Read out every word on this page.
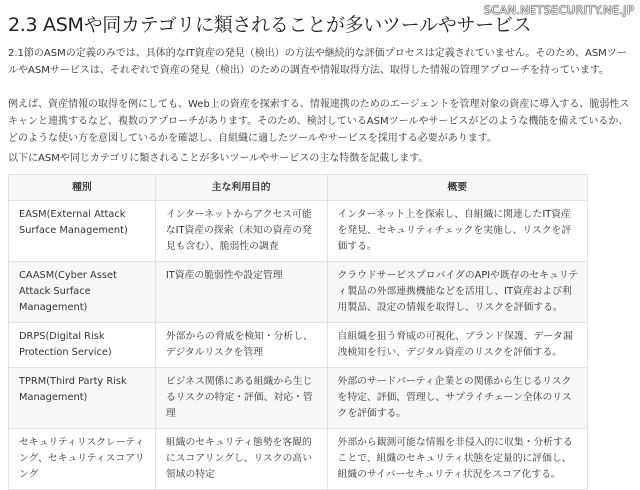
SCAN.NETSECURITY.NE.JP
2.3 ASMや同カテゴリに類されることが多いツールやサービス

2.1節のASMの定義のみでは、具体的なIT資産の発見（検出）の方法や継続的な評価プロセスは定義されていません。そのため、ASMツールやASMサービスは、それぞれで資産の発見（検出）のための調査や情報取得方法、取得した情報の管理アプローチを持っています。

例えば、資産情報の取得を例にしても、Web上の資産を探索する、情報連携のためのエージェントを管理対象の資産に導入する、脆弱性スキャンと連携するなど、複数のアプローチがあります。そのため、検討しているASMツールやサービスがどのような機能を備えているか、どのような使い方を意図しているかを確認し、自組織に適したツールやサービスを採用する必要があります。

以下にASMや同じカテゴリに類されることが多いツールやサービスの主な特徴を記載します。

種別	主な利用目的	概要
EASM(External Attack Surface Management)	インターネットからアクセス可能なIT資産の探索（未知の資産の発見も含む）、脆弱性の調査	インターネット上を探索し、自組織に関連したIT資産を発見、セキュリティチェックを実施し、リスクを評価する。
CAASM(Cyber Asset Attack Surface Management)	IT資産の脆弱性や設定管理	クラウドサービスプロバイダのAPIや既存のセキュリティ製品の外部連携機能などを活用し、IT資産および利用製品、設定の情報を取得し、リスクを評価する。
DRPS(Digital Risk Protection Service)	外部からの脅威を検知・分析し、デジタルリスクを管理	自組織を狙う脅威の可視化、ブランド保護、データ漏洩検知を行い、デジタル資産のリスクを評価する。
TPRM(Third Party Risk Management)	ビジネス関係にある組織から生じるリスクの特定・評価、対応・管理	外部のサードパーティ企業との関係から生じるリスクを特定、評価、管理し、サプライチェーン全体のリスクを評価する。
セキュリティリスクレーティング、セキュリティスコアリング	組織のセキュリティ態勢を客観的にスコアリングし、リスクの高い領域の特定	外部から観測可能な情報を非侵入的に収集・分析することで、組織のセキュリティ状態を定量的に評価し、組織のサイバーセキュリティ状況をスコア化する。
